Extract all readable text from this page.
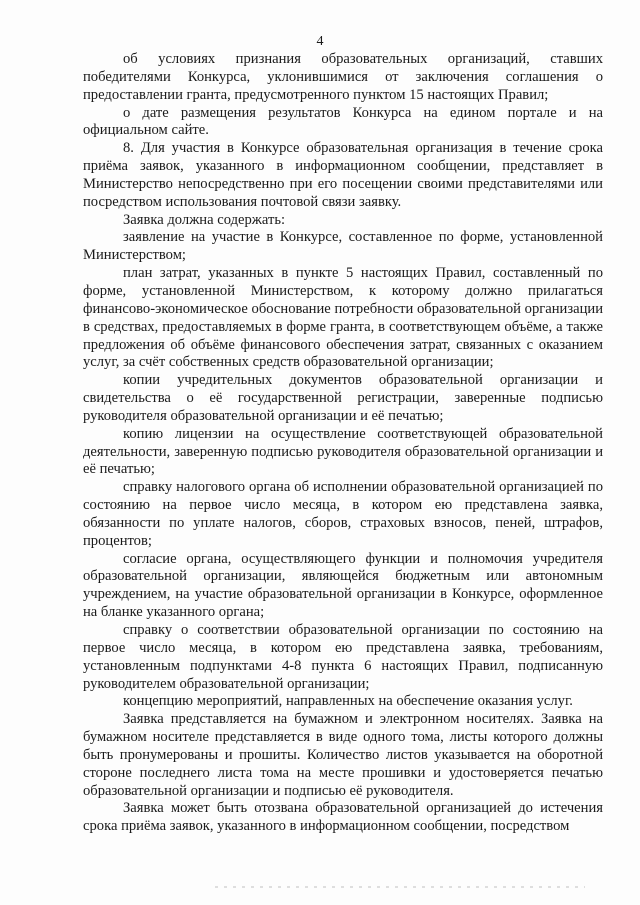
4

об условиях признания образовательных организаций, ставших победителями Конкурса, уклонившимися от заключения соглашения о предоставлении гранта, предусмотренного пунктом 15 настоящих Правил;

о дате размещения результатов Конкурса на едином портале и на официальном сайте.

8. Для участия в Конкурсе образовательная организация в течение срока приёма заявок, указанного в информационном сообщении, представляет в Министерство непосредственно при его посещении своими представителями или посредством использования почтовой связи заявку.

Заявка должна содержать:

заявление на участие в Конкурсе, составленное по форме, установленной Министерством;

план затрат, указанных в пункте 5 настоящих Правил, составленный по форме, установленной Министерством, к которому должно прилагаться финансово-экономическое обоснование потребности образовательной организации в средствах, предоставляемых в форме гранта, в соответствующем объёме, а также предложения об объёме финансового обеспечения затрат, связанных с оказанием услуг, за счёт собственных средств образовательной организации;

копии учредительных документов образовательной организации и свидетельства о её государственной регистрации, заверенные подписью руководителя образовательной организации и её печатью;

копию лицензии на осуществление соответствующей образовательной деятельности, заверенную подписью руководителя образовательной организации и её печатью;

справку налогового органа об исполнении образовательной организацией по состоянию на первое число месяца, в котором ею представлена заявка, обязанности по уплате налогов, сборов, страховых взносов, пеней, штрафов, процентов;

согласие органа, осуществляющего функции и полномочия учредителя образовательной организации, являющейся бюджетным или автономным учреждением, на участие образовательной организации в Конкурсе, оформленное на бланке указанного органа;

справку о соответствии образовательной организации по состоянию на первое число месяца, в котором ею представлена заявка, требованиям, установленным подпунктами 4-8 пункта 6 настоящих Правил, подписанную руководителем образовательной организации;

концепцию мероприятий, направленных на обеспечение оказания услуг.

Заявка представляется на бумажном и электронном носителях. Заявка на бумажном носителе представляется в виде одного тома, листы которого должны быть пронумерованы и прошиты. Количество листов указывается на оборотной стороне последнего листа тома на месте прошивки и удостоверяется печатью образовательной организации и подписью её руководителя.

Заявка может быть отозвана образовательной организацией до истечения срока приёма заявок, указанного в информационном сообщении, посредством
